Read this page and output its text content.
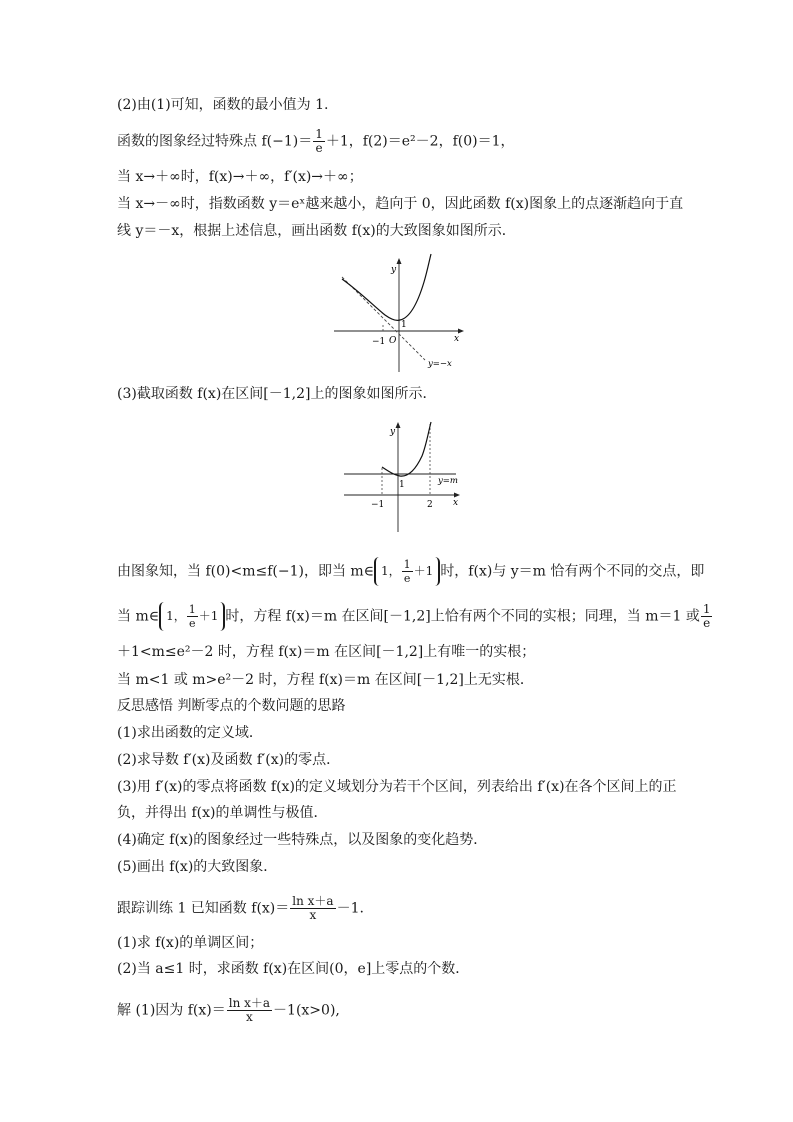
(2)由(1)可知，函数的最小值为 1.
函数的图象经过特殊点 $f(-1)= \frac{1}{e} +1$，f(2)＝e²－2，f(0)＝1，
当 x→＋∞时，f(x)→＋∞，f′(x)→＋∞；
当 x→－∞时，指数函数 y＝eˣ越来越小，趋向于 0，因此函数 f(x)图象上的点逐渐趋向于直
线 y＝－x，根据上述信息，画出函数 f(x)的大致图象如图所示．
y
x
O
−1
1
y=−x
(3)截取函数 f(x)在区间[－1,2]上的图象如图所示．
y
x
−1
1
2
y=m
由图象知，当 f(0)<m≤f(−1)，即当 m∈ 1， $\frac{1}{e} +1$ 时，f(x)与 y＝m 恰有两个不同的交点，即
当 m∈ 1， $\frac{1}{e} +1$ 时，方程 f(x)＝m 在区间[－1,2]上恰有两个不同的实根；同理，当 m＝1 或 $\frac{1}{e}$
＋1<m≤e²－2 时，方程 f(x)＝m 在区间[－1,2]上有唯一的实根；
当 m<1 或 m>e²－2 时，方程 f(x)＝m 在区间[－1,2]上无实根．
反思感悟 判断零点的个数问题的思路
(1)求出函数的定义域．
(2)求导数 f′(x)及函数 f′(x)的零点．
(3)用 f′(x)的零点将函数 f(x)的定义域划分为若干个区间，列表给出 f′(x)在各个区间上的正
负，并得出 f(x)的单调性与极值．
(4)确定 f(x)的图象经过一些特殊点，以及图象的变化趋势．
(5)画出 f(x)的大致图象．
跟踪训练 1 已知函数 $f(x)= \frac{\text{ln x＋a}}{x} -1$.
(1)求 f(x)的单调区间；
(2)当 a≤1 时，求函数 f(x)在区间(0，e]上零点的个数．
解 (1)因为 $f(x)= \frac{\text{ln x＋a}}{x} -1(x>0)$,
